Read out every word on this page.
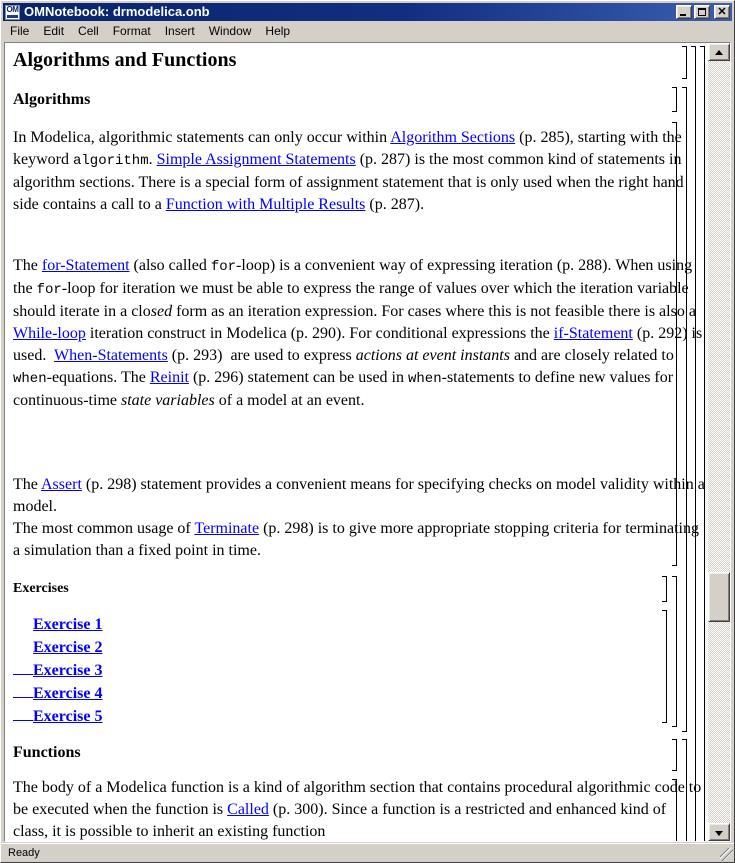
OM OMNotebook: drmodelica.onb	✕
File	Edit	Cell	Format	Insert	Window	Help
Algorithms and Functions
Algorithms
In Modelica, algorithmic statements can only occur within Algorithm Sections (p. 285), starting with the keyword algorithm. Simple Assignment Statements (p. 287) is the most common kind of statements in algorithm sections. There is a special form of assignment statement that is only used when the right hand side contains a call to a Function with Multiple Results (p. 287).
The for-Statement (also called for-loop) is a convenient way of expressing iteration (p. 288). When using the for-loop for iteration we must be able to express the range of values over which the iteration variable should iterate in a closed form as an iteration expression. For cases where this is not feasible there is also a While-loop iteration construct in Modelica (p. 290). For conditional expressions the if-Statement (p. 292) is used.  When-Statements (p. 293)  are used to express actions at event instants and are closely related to when-equations. The Reinit (p. 296) statement can be used in when-statements to define new values for continuous-time state variables of a model at an event.
The Assert (p. 298) statement provides a convenient means for specifying checks on model validity within a model.
The most common usage of Terminate (p. 298) is to give more appropriate stopping criteria for terminating a simulation than a fixed point in time.
Exercises
Exercise 1
Exercise 2
Exercise 3
Exercise 4
Exercise 5
Functions
The body of a Modelica function is a kind of algorithm section that contains procedural algorithmic code to be executed when the function is Called (p. 300). Since a function is a restricted and enhanced kind of class, it is possible to inherit an existing function
Ready
